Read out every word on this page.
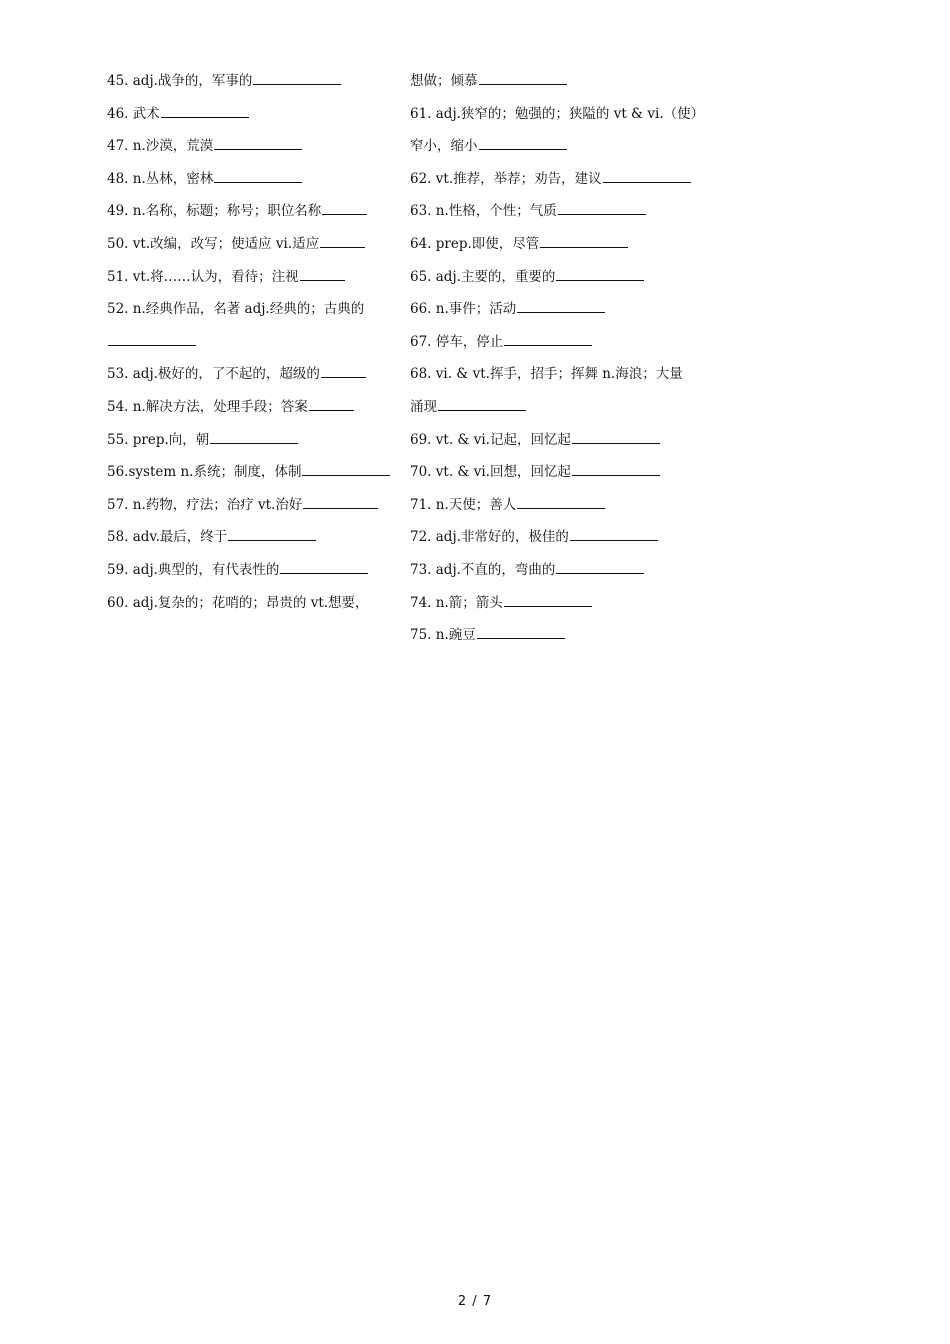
45. adj.战争的，军事的
46. 武术
47. n.沙漠，荒漠
48. n.丛林，密林
49. n.名称，标题；称号；职位名称
50. vt.改编，改写；使适应 vi.适应
51. vt.将……认为，看待；注视
52. n.经典作品，名著 adj.经典的；古典的
53. adj.极好的，了不起的，超级的
54. n.解决方法，处理手段；答案
55. prep.向，朝
56.system n.系统；制度，体制
57. n.药物，疗法；治疗 vt.治好
58. adv.最后，终于
59. adj.典型的，有代表性的
60. adj.复杂的；花哨的；昂贵的 vt.想要，
想做；倾慕
61. adj.狭窄的；勉强的；狭隘的 vt & vi.（使）
窄小，缩小
62. vt.推荐，举荐；劝告，建议
63. n.性格，个性；气质
64. prep.即使，尽管
65. adj.主要的，重要的
66. n.事件；活动
67. 停车，停止
68. vi. & vt.挥手，招手；挥舞 n.海浪；大量
涌现
69. vt. & vi.记起，回忆起
70. vt. & vi.回想，回忆起
71. n.天使；善人
72. adj.非常好的，极佳的
73. adj.不直的，弯曲的
74. n.箭；箭头
75. n.豌豆
2 / 7
